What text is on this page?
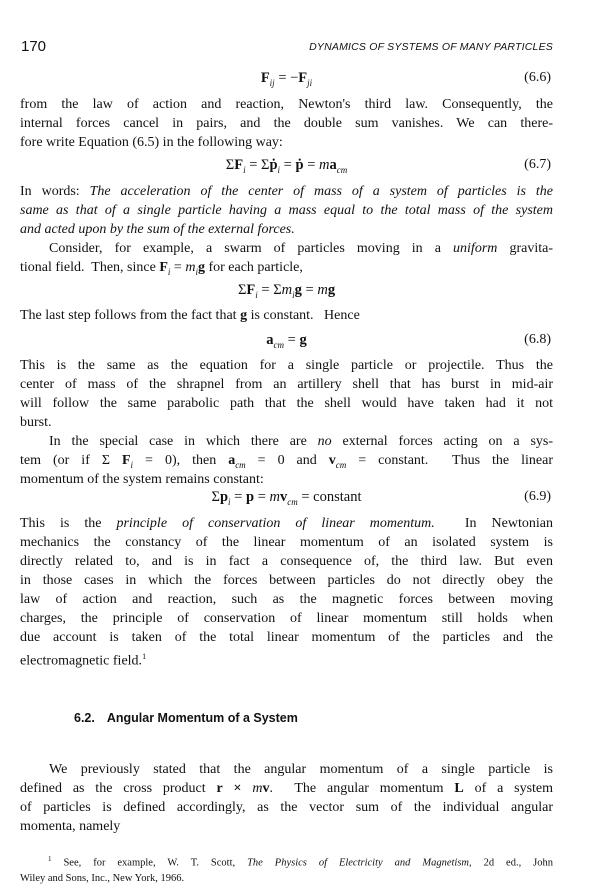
170	DYNAMICS OF SYSTEMS OF MANY PARTICLES
$F_{ij} = -F_{ji}$	(6.6)
from the law of action and reaction, Newton's third law. Consequently, the
internal forces cancel in pairs, and the double sum vanishes. We can there-
fore write Equation (6.5) in the following way:
$\Sigma F_i$ = Σṗ$_i$ = ṗ = $ma_{cm}$	(6.7)
In words: The acceleration of the center of mass of a system of particles is the
same as that of a single particle having a mass equal to the total mass of the system
and acted upon by the sum of the external forces.
Consider, for example, a swarm of particles moving in a uniform gravita-
tional field.  Then, since $F_i = m_ig$ for each particle,
$\Sigma F_i = \Sigma m_ig$ = mg
The last step follows from the fact that g is constant.   Hence
$a_{cm} = g$	(6.8)
This is the same as the equation for a single particle or projectile. Thus the
center of mass of the shrapnel from an artillery shell that has burst in mid-air
will follow the same parabolic path that the shell would have taken had it not
burst.
In the special case in which there are no external forces acting on a sys-
tem (or if Σ $F_i = 0$), then $a_{cm} = 0$ and $v_{cm}$ = constant.  Thus the linear
momentum of the system remains constant:
$\Sigma p_i = p = mv_{cm}$ = constant	(6.9)
This is the principle of conservation of linear momentum.  In Newtonian
mechanics the constancy of the linear momentum of an isolated system is
directly related to, and is in fact a consequence of, the third law. But even
in those cases in which the forces between particles do not directly obey the
law of action and reaction, such as the magnetic forces between moving
charges, the principle of conservation of linear momentum still holds when
due account is taken of the total linear momentum of the particles and the
electromagnetic field.$^1$
6.2. Angular Momentum of a System
We previously stated that the angular momentum of a single particle is
defined as the cross product r × mv.  The angular momentum L of a system
of particles is defined accordingly, as the vector sum of the individual angular
momenta, namely
$^1$ See, for example, W. T. Scott, The Physics of Electricity and Magnetism, 2d ed., John
Wiley and Sons, Inc., New York, 1966.
